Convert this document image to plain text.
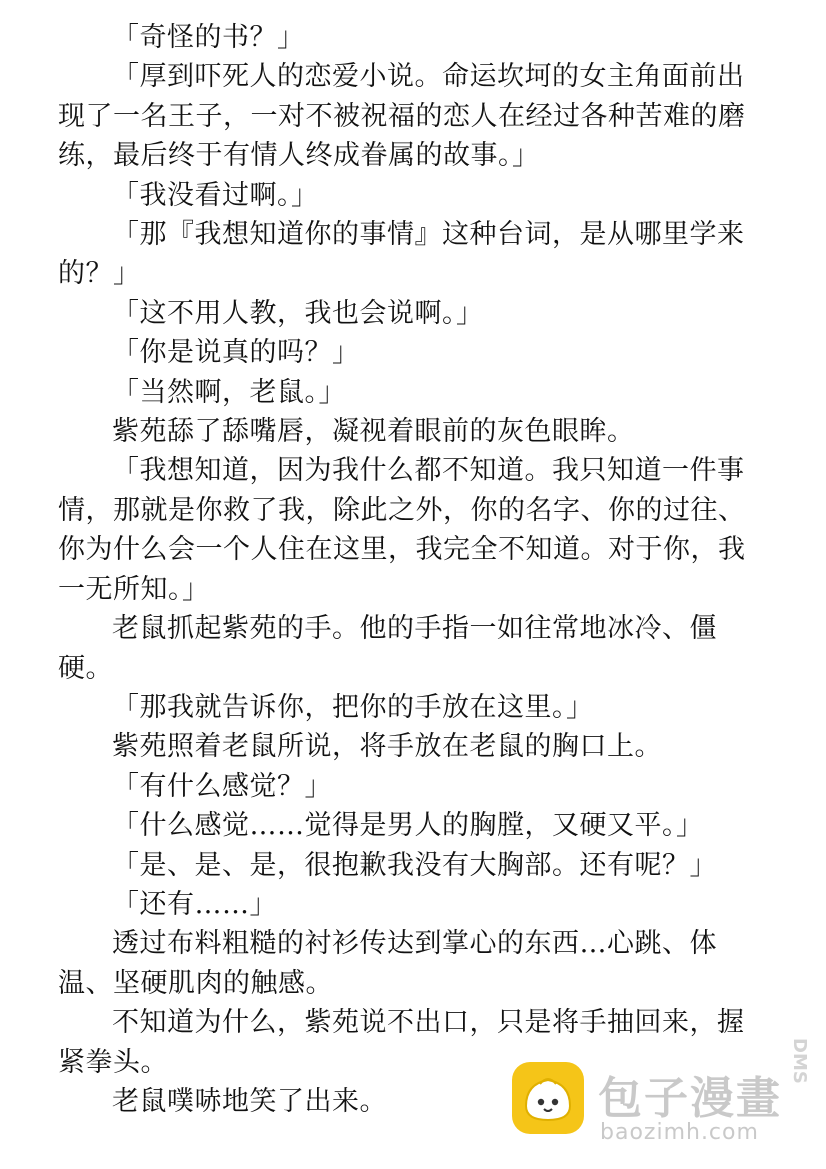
「奇怪的书？」

「厚到吓死人的恋爱小说。命运坎坷的女主角面前出现了一名王子，一对不被祝福的恋人在经过各种苦难的磨练，最后终于有情人终成眷属的故事。」

「我没看过啊。」

「那『我想知道你的事情』这种台词，是从哪里学来的？」

「这不用人教，我也会说啊。」

「你是说真的吗？」

「当然啊，老鼠。」

紫苑舔了舔嘴唇，凝视着眼前的灰色眼眸。

「我想知道，因为我什么都不知道。我只知道一件事情，那就是你救了我，除此之外，你的名字、你的过往、你为什么会一个人住在这里，我完全不知道。对于你，我一无所知。」

老鼠抓起紫苑的手。他的手指一如往常地冰冷、僵硬。

「那我就告诉你，把你的手放在这里。」

紫苑照着老鼠所说，将手放在老鼠的胸口上。

「有什么感觉？」

「什么感觉……觉得是男人的胸膛，又硬又平。」

「是、是、是，很抱歉我没有大胸部。还有呢？」

「还有……」

透过布料粗糙的衬衫传达到掌心的东西…心跳、体温、坚硬肌肉的触感。

不知道为什么，紫苑说不出口，只是将手抽回来，握紧拳头。

老鼠噗哧地笑了出来。	包子漫畫
baozimh.com
DMS
